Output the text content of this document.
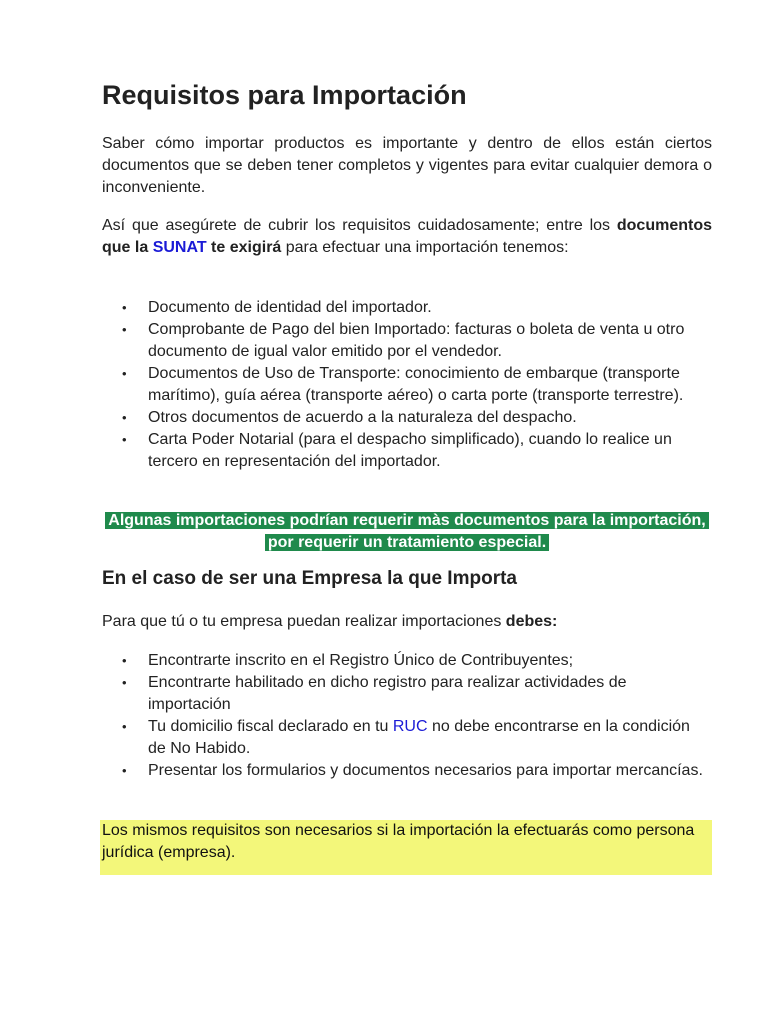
Requisitos para Importación

Saber cómo importar productos es importante y dentro de ellos están ciertos documentos que se deben tener completos y vigentes para evitar cualquier demora o inconveniente.

Así que asegúrete de cubrir los requisitos cuidadosamente; entre los documentos que la SUNAT te exigirá para efectuar una importación tenemos:

• Documento de identidad del importador.
• Comprobante de Pago del bien Importado: facturas o boleta de venta u otro documento de igual valor emitido por el vendedor.
• Documentos de Uso de Transporte: conocimiento de embarque (transporte marítimo), guía aérea (transporte aéreo) o carta porte (transporte terrestre).
• Otros documentos de acuerdo a la naturaleza del despacho.
• Carta Poder Notarial (para el despacho simplificado), cuando lo realice un tercero en representación del importador.

Algunas importaciones podrían requerir màs documentos para la importación, por requerir un tratamiento especial.

En el caso de ser una Empresa la que Importa

Para que tú o tu empresa puedan realizar importaciones debes:

• Encontrarte inscrito en el Registro Único de Contribuyentes;
• Encontrarte habilitado en dicho registro para realizar actividades de importación
• Tu domicilio fiscal declarado en tu RUC no debe encontrarse en la condición de No Habido.
• Presentar los formularios y documentos necesarios para importar mercancías.

Los mismos requisitos son necesarios si la importación la efectuarás como persona jurídica (empresa).
